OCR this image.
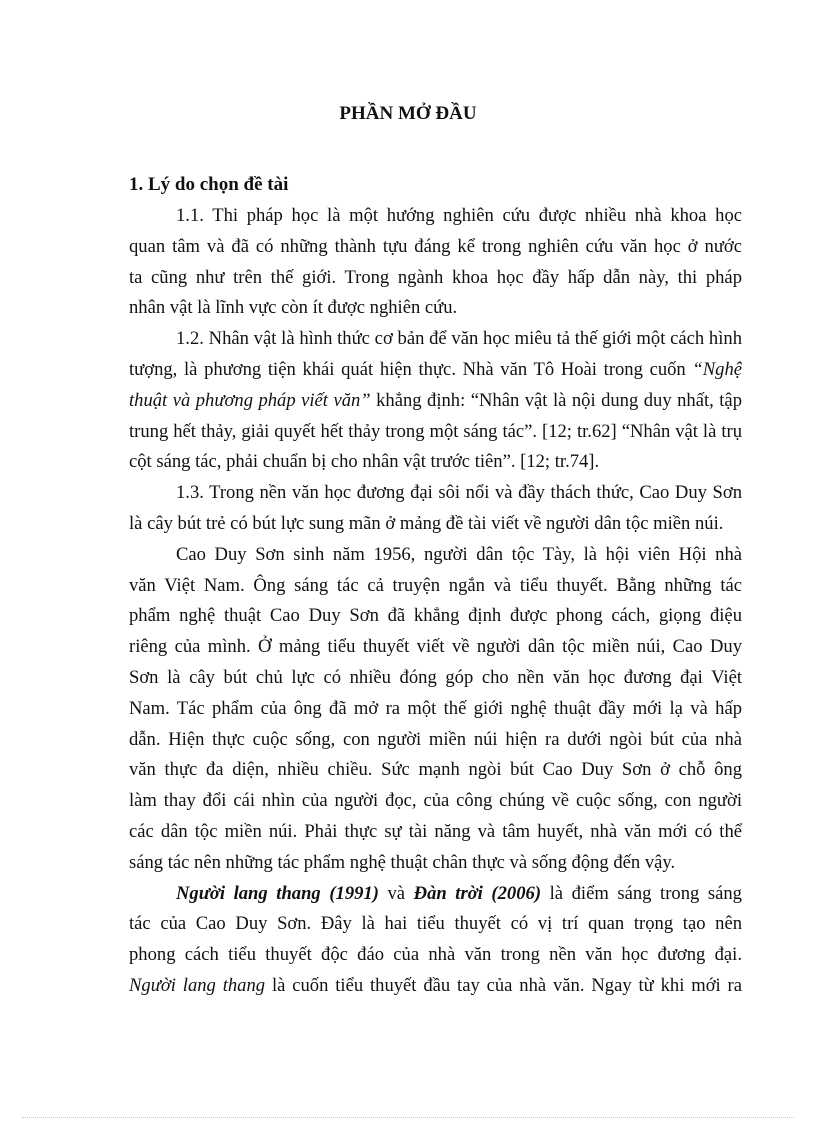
PHẦN MỞ ĐẦU
1. Lý do chọn đề tài
1.1. Thi pháp học là một hướng nghiên cứu được nhiều nhà khoa học
quan tâm và đã có những thành tựu đáng kể trong nghiên cứu văn học ở nước
ta cũng như trên thế giới. Trong ngành khoa học đầy hấp dẫn này, thi pháp
nhân vật là lĩnh vực còn ít được nghiên cứu.
1.2. Nhân vật là hình thức cơ bản để văn học miêu tả thế giới một cách hình
tượng, là phương tiện khái quát hiện thực. Nhà văn Tô Hoài trong cuốn “Nghệ
thuật và phương pháp viết văn” khẳng định: “Nhân vật là nội dung duy nhất, tập
trung hết thảy, giải quyết hết thảy trong một sáng tác”. [12; tr.62] “Nhân vật là trụ
cột sáng tác, phải chuẩn bị cho nhân vật trước tiên”. [12; tr.74].
1.3. Trong nền văn học đương đại sôi nổi và đầy thách thức, Cao Duy Sơn
là cây bút trẻ có bút lực sung mãn ở mảng đề tài viết về người dân tộc miền núi.
Cao Duy Sơn sinh năm 1956, người dân tộc Tày, là hội viên Hội nhà
văn Việt Nam. Ông sáng tác cả truyện ngắn và tiểu thuyết. Bằng những tác
phẩm nghệ thuật Cao Duy Sơn đã khẳng định được phong cách, giọng điệu
riêng của mình. Ở mảng tiểu thuyết viết về người dân tộc miền núi, Cao Duy
Sơn là cây bút chủ lực có nhiều đóng góp cho nền văn học đương đại Việt
Nam. Tác phẩm của ông đã mở ra một thế giới nghệ thuật đầy mới lạ và hấp
dẫn. Hiện thực cuộc sống, con người miền núi hiện ra dưới ngòi bút của nhà
văn thực đa diện, nhiều chiều. Sức mạnh ngòi bút Cao Duy Sơn ở chỗ ông
làm thay đổi cái nhìn của người đọc, của công chúng về cuộc sống, con người
các dân tộc miền núi. Phải thực sự tài năng và tâm huyết, nhà văn mới có thể
sáng tác nên những tác phẩm nghệ thuật chân thực và sống động đến vậy.
Người lang thang (1991) và Đàn trời (2006) là điểm sáng trong sáng
tác của Cao Duy Sơn. Đây là hai tiểu thuyết có vị trí quan trọng tạo nên
phong cách tiểu thuyết độc đáo của nhà văn trong nền văn học đương đại.
Người lang thang là cuốn tiểu thuyết đầu tay của nhà văn. Ngay từ khi mới ra
